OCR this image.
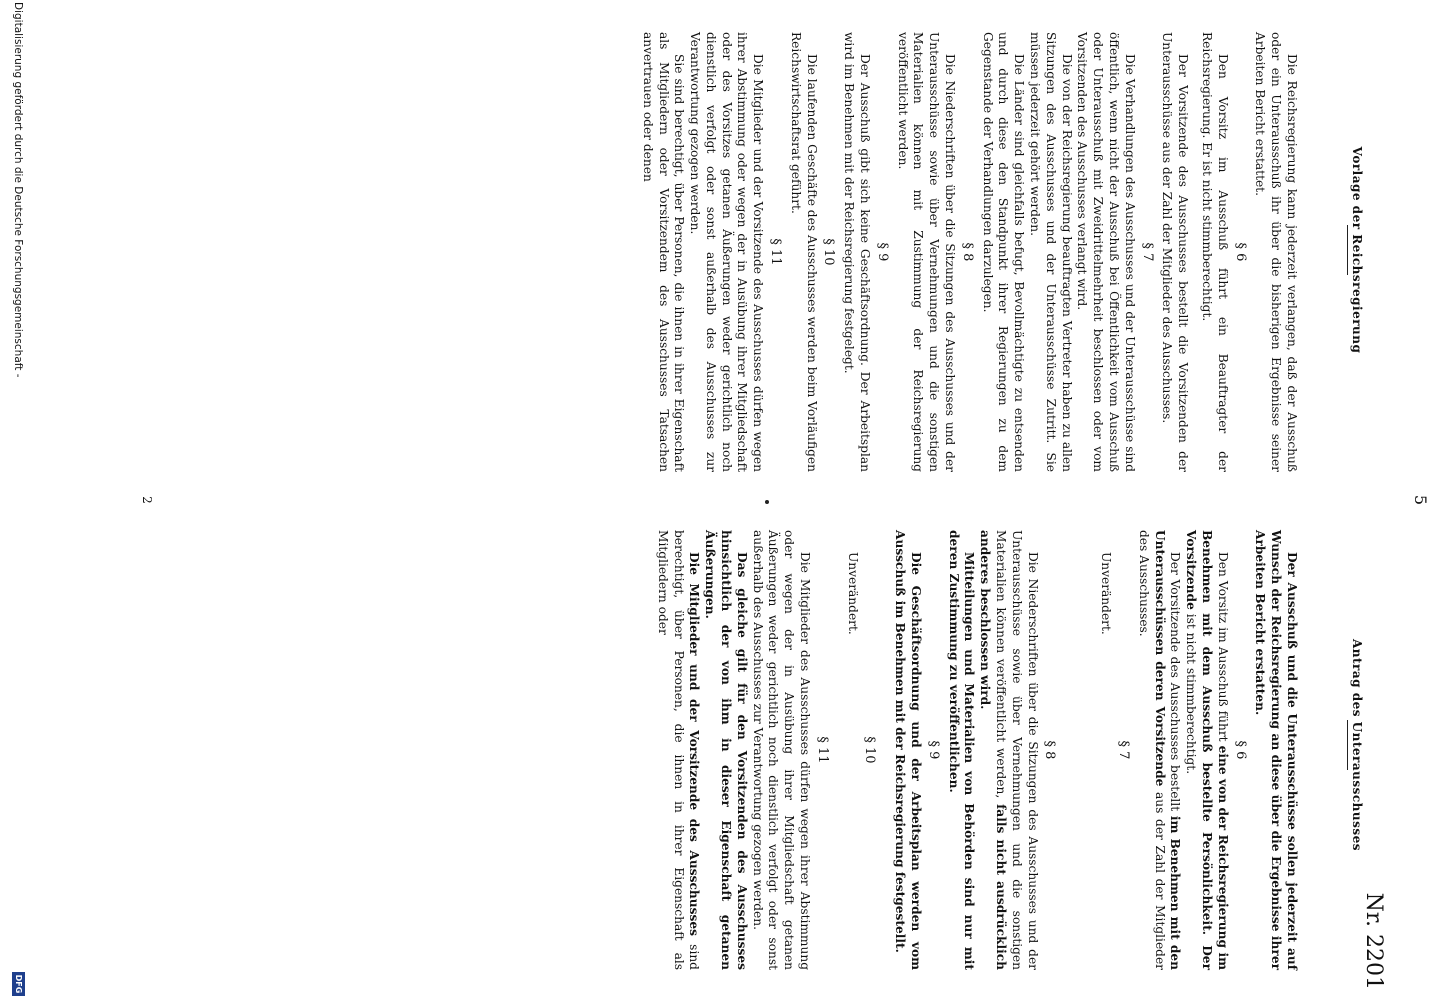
5
Nr. 2201
Vorlage der Reichsregierung
Antrag des Unterausschusses

Die Reichsregierung kann jederzeit verlangen, daß der Ausschuß oder ein Unterausschuß ihr über die bisherigen Ergebnisse seiner Arbeiten Bericht erstattet.

§ 6

Den Vorsitz im Ausschuß führt ein Beauftragter der Reichsregierung. Er ist nicht stimmberechtigt.

Der Vorsitzende des Ausschusses bestellt die Vorsitzenden der Unterausschüsse aus der Zahl der Mitglieder des Ausschusses.

§ 7

Die Verhandlungen des Ausschusses und der Unterausschüsse sind öffentlich, wenn nicht der Ausschuß bei Öffentlichkeit vom Ausschuß oder Unterausschuß mit Zweidrittelmehrheit beschlossen oder vom Vorsitzenden des Ausschusses verlangt wird.

Die von der Reichsregierung beauftragten Vertreter haben zu allen Sitzungen des Ausschusses und der Unterausschüsse Zutritt. Sie müssen jederzeit gehört werden.

Die Länder sind gleichfalls befugt, Bevollmächtigte zu entsenden und durch diese den Standpunkt ihrer Regierungen zu dem Gegenstande der Verhandlungen darzulegen.

§ 8

Die Niederschriften über die Sitzungen des Ausschusses und der Unterausschüsse sowie über Vernehmungen und die sonstigen Materialien können mit Zustimmung der Reichsregierung veröffentlicht werden.

§ 9

Der Ausschuß gibt sich keine Geschäftsordnung. Der Arbeitsplan wird im Benehmen mit der Reichsregierung festgelegt.

§ 10

Die laufenden Geschäfte des Ausschusses werden beim Vorläufigen Reichswirtschaftsrat geführt.

§ 11

Die Mitglieder und der Vorsitzende des Ausschusses dürfen wegen ihrer Abstimmung oder wegen der in Ausübung ihrer Mitgliedschaft oder des Vorsitzes getanen Äußerungen weder gerichtlich noch dienstlich verfolgt oder sonst außerhalb des Ausschusses zur Verantwortung gezogen werden.

Sie sind berechtigt, über Personen, die ihnen in ihrer Eigenschaft als Mitgliedern oder Vorsitzendem des Ausschusses Tatsachen anvertrauen oder denen

Der Ausschuß und die Unterausschüsse sollen jederzeit auf Wunsch der Reichsregierung an diese über die Ergebnisse ihrer Arbeiten Bericht erstatten.

§ 6

Den Vorsitz im Ausschuß führt eine von der Reichsregierung im Benehmen mit dem Ausschuß bestellte Persönlichkeit. Der Vorsitzende ist nicht stimmberechtigt.

Der Vorsitzende des Ausschusses bestellt im Benehmen mit den Unterausschüssen deren Vorsitzende aus der Zahl der Mitglieder des Ausschusses.

§ 7

Unverändert.

§ 8

Die Niederschriften über die Sitzungen des Ausschusses und der Unterausschüsse sowie über Vernehmungen und die sonstigen Materialien können veröffentlicht werden, falls nicht ausdrücklich anderes beschlossen wird.

Mitteilungen und Materialien von Behörden sind nur mit deren Zustimmung zu veröffentlichen.

§ 9

Die Geschäftsordnung und der Arbeitsplan werden vom Ausschuß im Benehmen mit der Reichsregierung festgestellt.

§ 10

Unverändert.

§ 11

Die Mitglieder des Ausschusses dürfen wegen ihrer Abstimmung oder wegen der in Ausübung ihrer Mitgliedschaft getanen Äußerungen weder gerichtlich noch dienstlich verfolgt oder sonst außerhalb des Ausschusses zur Verantwortung gezogen werden.

Das gleiche gilt für den Vorsitzenden des Ausschusses hinsichtlich der von ihm in dieser Eigenschaft getanen Äußerungen.

Die Mitglieder und der Vorsitzende des Ausschusses sind berechtigt, über Personen, die ihnen in ihrer Eigenschaft als Mitgliedern oder

2
Digitalisierung gefördert durch die Deutsche Forschungsgemeinschaft -
DFG
